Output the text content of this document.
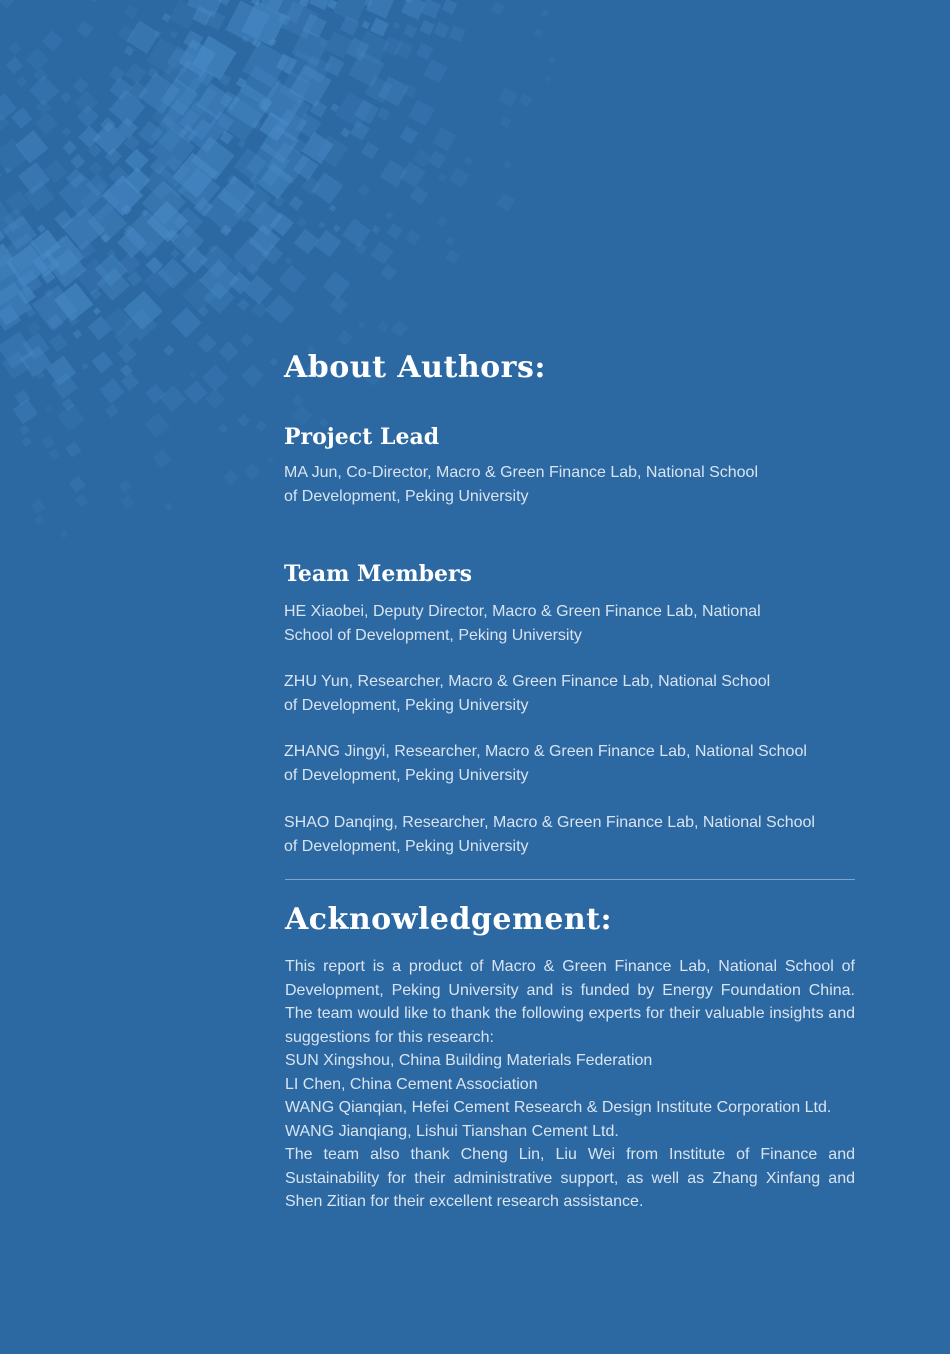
About Authors:
Project Lead
MA Jun, Co-Director, Macro & Green Finance Lab, National School
of Development, Peking University
Team Members
HE Xiaobei, Deputy Director, Macro & Green Finance Lab, National
School of Development, Peking University
ZHU Yun, Researcher, Macro & Green Finance Lab, National School
of Development, Peking University
ZHANG Jingyi, Researcher, Macro & Green Finance Lab, National School
of Development, Peking University
SHAO Danqing, Researcher, Macro & Green Finance Lab, National School
of Development, Peking University
Acknowledgement:

This report is a product of Macro & Green Finance Lab, National School of Development, Peking University and is funded by Energy Foundation China. The team would like to thank the following experts for their valuable insights and suggestions for this research:

SUN Xingshou, China Building Materials Federation

LI Chen, China Cement Association

WANG Qianqian, Hefei Cement Research & Design Institute Corporation Ltd.

WANG Jianqiang, Lishui Tianshan Cement Ltd.

The team also thank Cheng Lin, Liu Wei from Institute of Finance and Sustainability for their administrative support, as well as Zhang Xinfang and Shen Zitian for their excellent research assistance.
